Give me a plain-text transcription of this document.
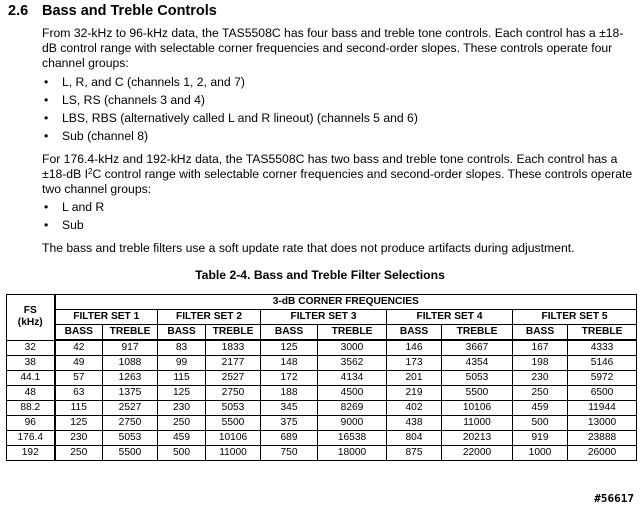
2.6 Bass and Treble Controls
From 32-kHz to 96-kHz data, the TAS5508C has four bass and treble tone controls. Each control has a ±18-dB control range with selectable corner frequencies and second-order slopes. These controls operate four channel groups:
• L, R, and C (channels 1, 2, and 7)
• LS, RS (channels 3 and 4)
• LBS, RBS (alternatively called L and R lineout) (channels 5 and 6)
• Sub (channel 8)
For 176.4-kHz and 192-kHz data, the TAS5508C has two bass and treble tone controls. Each control has a ±18-dB $I^2C$ control range with selectable corner frequencies and second-order slopes. These controls operate two channel groups:
• L and R
• Sub
The bass and treble filters use a soft update rate that does not produce artifacts during adjustment.
Table 2-4. Bass and Treble Filter Selections
FS
(kHz)	3-dB CORNER FREQUENCIES									
	FILTER SET 1		FILTER SET 2		FILTER SET 3		FILTER SET 4		FILTER SET 5	
	BASS	TREBLE	BASS	TREBLE	BASS	TREBLE	BASS	TREBLE	BASS	TREBLE
32	42	917	83	1833	125	3000	146	3667	167	4333
38	49	1088	99	2177	148	3562	173	4354	198	5146
44.1	57	1263	115	2527	172	4134	201	5053	230	5972
48	63	1375	125	2750	188	4500	219	5500	250	6500
88.2	115	2527	230	5053	345	8269	402	10106	459	11944
96	125	2750	250	5500	375	9000	438	11000	500	13000
176.4	230	5053	459	10106	689	16538	804	20213	919	23888
192	250	5500	500	11000	750	18000	875	22000	1000	26000
#56617
